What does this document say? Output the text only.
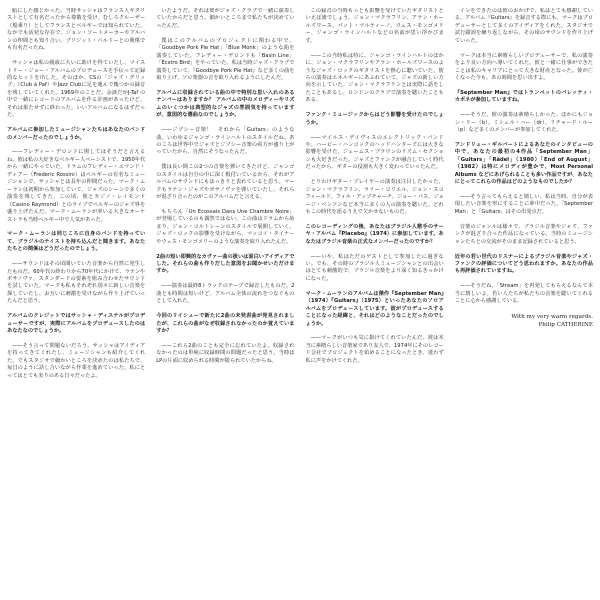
胎にした感じかった。当時サッシャはフランス人ギタリストとして有名だったから尊敬を受け、むしろクルーザー（船乗り）としてフランスとベルギーでは知られていた。なかでも活発な存在で、ジョン・ソートメーカーやアルバンの仲間とも知り合い、ブリジット・バルドーとの関係でも有名だったね。

サッシャは私の親戚に大いに助けを得ていたし、ツイストリー・ジョー・アルバムのプロデュースを手伝って記録的なヒットを出した。そのほか、CSの「ジャズ・グリップ」（Club à Paf）やJazz Clubに足を運んで幾つかの録音を残していてくれた。1969年のことだ。余談だがJ-Taf の中で一緒にレコードのアルバムを作る計画があったけど、それは果たせずに終わった。いいアルバムになるはずだった。

アルバムに参加したミュージシャンたちはあなたのバンドのメンバーだったのでしょうか。

——フレディー・デロンドに関してはそうだと言えるね。彼は私の大好きなベルギー人ベーシストで、1950年代から一緒にやっていた。ドラムのフレディー・エマンド・ディアー（Frederic Rossini）はベルギーの有名なミュージシャンで、サッシャとは長年の仲間だった。マーク・ムーランは初期から参加していて、ジャズのシーンで多くの演奏を残してきた。この頃、彼とカジノ・レイモンド（Casino Raymond）とのライブでベルギーのジャズ界を盛り上げたんだ。マーク・ムーランが率いる大きなオーケストラも当時ベルギー中で人気があった。

マーク・ムーランは同じころに自身のバンドを持っていて、ブラジルのテイストを持ち込んだと聞きます。あなたたちとの関係はどうだったのでしょう。

——サウンドはその頃聞いていた音楽から自然に発生したものだ。60年代の終わりから70年代にかけて、ラテンやボサノヴァ、スタンダードの要素を組み合わせたサウンドを試していた。マークも私もそれぞれ別々に新しい音楽を探していたし、お互いに刺激を受けながら作り上げていったんだと思う。

アルバムのクレジットではサッシャ・ディステルがプロデューサーですが、実際にアルバムをプロデュースしたのはあなたなのでしょうか。

——そう言って問題ないだろう。サッシャはアイディアを持ってきてくれたし、ミュージシャンも紹介してくれた。でもスタジオで細かいところを決めたのは私たちで、毎日のように話し合いながら作業を進めていった。私にとってはとても実りのある日々だったよ。

いたようだ。それは彼がジャズ・クラブで一緒に演奏していたからだと思う。細かいところまで私たちが決めていったんだ。

僕はこのアルバムのプロジェクトに関わる中で、「Goodbye Pork Pie Hat」「Blue Monk」のような曲を演奏していた。フレディー・デロンドも「Basin Line」「Ecstro Bird」をやっていた。私は当時ジャズ・クラブで演奏していて、『Goodbye Pork Pie Hat』など多くの曲を取り上げ、ソロ楽器の音を取り入れるようにしたんだ。

アルバムに収録されている曲の中で特別な思い入れのあるナンバーはありますか？ アルバムの中のメロディーやリズムのいくつかは典型的なジャズの雰囲気を持っていますが、意図的な選曲なのでしょうか。

——ジプシー音楽！　それから「Guitars」のような曲。いわゆるジャンゴ・ラインハルトのスタイルだね。あのころは世界中でジャズとジプシー音楽の両方が盛り上がっていたから、自然にそうなったんだ。

僕は長い間この2つの音楽を弾いてきたけど、ジャンゴのスタイルは自分の中に深く根付いているから、それがアルバムのサウンドにもはっきりと表れていると思う。マークもラテン・ジャズやボサノヴァを弾いていたし、それらが混ざり合ったのがこのアルバムだと言える。

もちろん「Un Ecossais Dans Une Chambre Noire」が登場しているのも偶然ではない。この曲はドラムから始まり、ジョン・コルトレーンのスタイルで展開していく。ジャズ・ロックの影響を受けながら、マッコイ・タイナーやウェス・モンゴメリーのような演奏を取り入れたんだ。

2曲の短い即興的なカヴァー曲の扱いは面白いアイディアでした。それらの曲も作りだした意図をお聞かせいただけますか。

——演奏は最終8トラックのテープで録音したものだ。2曲とも時間は短いけど、アルバム全体の流れをつなぐものとして入れた。

今回のリイシューで新たに2曲の未発表曲が発見されましたが、これらの曲がなぜ収録されなかったのか覚えていますか？

——これら2曲のことも完全に忘れていたよ。収録されなかったのは単純に収録時間の問題だったと思う。当時はLPの片面に収められる時間が限られていたからね。

この録音の当時もっとも影響を受けていたギタリストといえば誰でしょう。ジョン・マクラフリン、アラン・ホールズワース、パット・マルティーノ、ウェス・モンゴメリー、ジャンゴ・ラインハルトなどの名前が思い浮かびます。

——この当時私は特に、ジャンゴ・ラインハルトのほかに、ジョン・マクラフリンやアラン・ホールズワースのようなジャズ・ロックのギタリストを熱心に聴いていた。彼らの演奏はエネルギーにあふれていて、ジャズの新しい方向を示していた。ジョン・マクラフリンとは実際に話をしたこともあるし、ロンドンのクラブで演奏を聴いたこともある。

ファンク・ミュージックからはどう影響を受けたのでしょうか。

——マイルス・デイヴィスのエレクトリック・バンドや、ハービー・ハンコックのヘッドハンターズには大きな影響を受けた。ジェームス・ブラウンのリズム・セクションも大好きだった。ジャズとファンクが融合していく時代だったから、ギターの役割も大きく変わっていったんだ。

とりわけギター・プレイヤーの演奏は注目したかった。ジョン・マクラフリン、ラリー・コリエル、ジョン・スコフィールド、フィル・アップチャーチ、ジョー・パス、ジョージ・ベンソンなど本当に多くの人の演奏を聴いた。どれもこの時代を語るうえで欠かせないものだ。

このレコーディングの後、あなたはブラジル人歌手のサーヤ・アルバム『Placebo』（1974）に参加しています。あなたはブラジル音楽の正式なメンバーだったのですか？

——いや、私はただのゲストとして参加したに過ぎない。でも、その時のブラジル人ミュージシャンとの出会いはとても刺激的で、ブラジル音楽をより深く知るきっかけになった。

マーク・ムーランのアルバムは傑作『September Man』（1974）『Guitars』（1975）といったあなたのソロアルバムをプロデュースしています。彼がプロデュースすることになった経緯と、それはどのようなことだったのでしょうか。

——マークがいつも気に掛けてくれていたんだ。彼は本当に素晴らしい音楽家であり友人で、1974年にそのレコード会社でプロジェクトを始めることになったとき、迷わず私に声をかけてくれた。

インをできたのは彼のおかげで、私はとても感謝している。アルバム『Guitars』を録音する際にも、マークはプロデューサーとして多くのアイディアをくれた。スタジオで試行錯誤を繰り返しながら、その頃のサウンドを作り上げていった。

マークは本当に素晴らしいプロデューサーで、私の演奏をより良い方向へ導いてくれた。彼と一緒に仕事ができたことは私のキャリアにとって大きな財産となった。彼が亡くなった今も、あの時間を思い出すよ。

『September Man』ではトランペットのバレッティ・カポネが参加していますね。

——そうだ。彼の演奏は素晴らしかった。ほかにもジョン・リー（b）、ミシェル・ハー（dr）、リチャード・ルー（p）など多くのメンバーが参加してくれた。

アンドリュー・ギルバートによるあなたのインタビューの中で、あなたの最初の4作品「September Man」「Guitars」「Ràdel」（1980）「End of August」（1982）は特にメロディが豊かで、Most Personal Albums などにあげられることも多い作品ですが、あなたにとってこれらの作品はどのようなものでしたか？

——そう言ってもらえると嬉しい。私は当時、自分が表現したい音楽を形にすることに夢中だった。「September Man」と「Guitars」はその出発点だ。

音楽のジャンルは様々で、ブラジル音楽やジャズ、ファンクが混ざり合った作品になっている。当時のミュージシャンたちとの交流がそのまま記録されていると思う。

近年の若い世代のリスナーによるブラジル音楽やジャズ・ファンクの評価についてどう思われますか。あなたの作品も再評価されていますね。

——そうだね。「Stream」を再発してもらえるなんて本当に嬉しいよ。若い人たちが私たちの音楽を聴いてくれることに心から感謝している。

With my very warm regards.
Philip CATHERINE
